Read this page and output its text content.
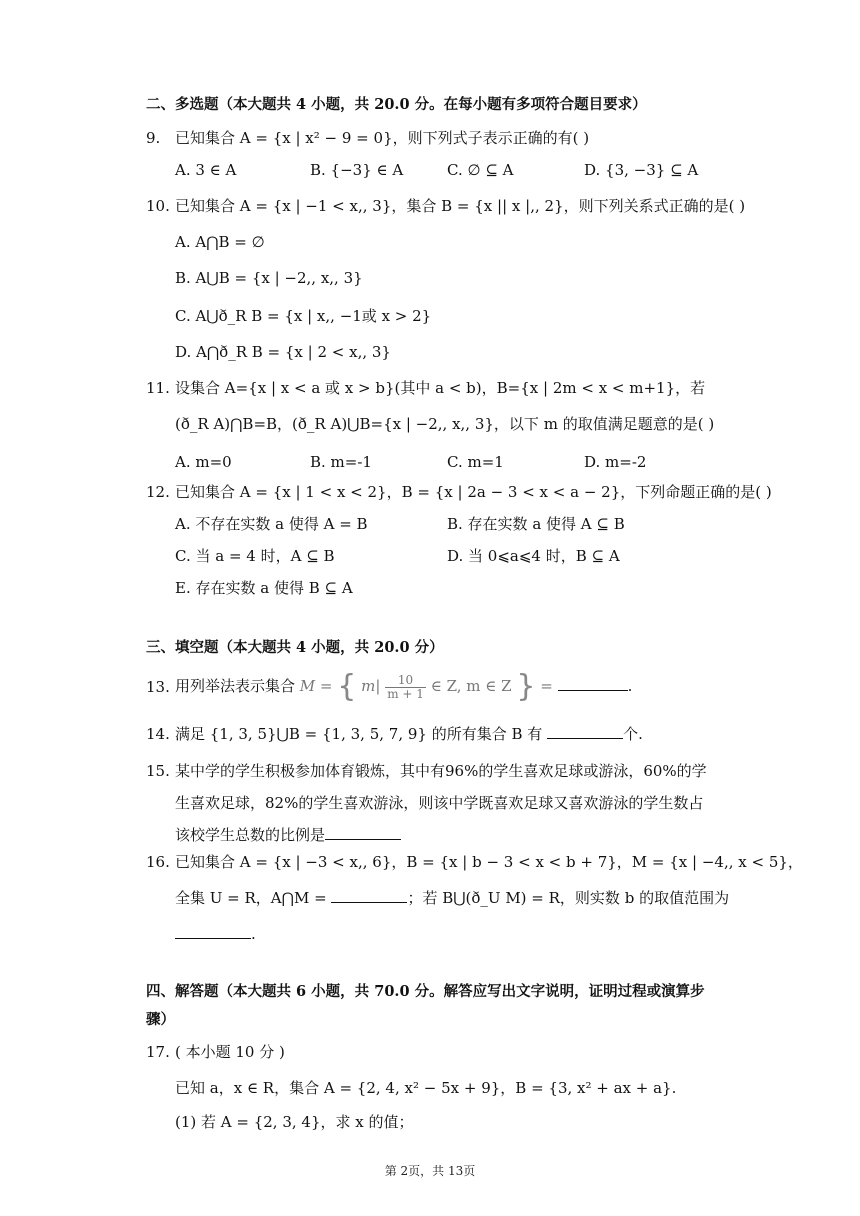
二、多选题（本大题共 4 小题，共 20.0 分。在每小题有多项符合题目要求）
9. 已知集合 A = {x | x² − 9 = 0}，则下列式子表示正确的有( )
A. 3 ∈ A	B. {−3} ∈ A	C. ∅ ⊆ A	D. {3, −3} ⊆ A
10. 已知集合 A = {x | −1 < x,, 3}，集合 B = {x || x |,, 2}，则下列关系式正确的是( )
A. A⋂B = ∅
B. A⋃B = {x | −2,, x,, 3}
C. A⋃ð_R B = {x | x,, −1或 x > 2}
D. A⋂ð_R B = {x | 2 < x,, 3}
11. 设集合 A={x | x < a 或 x > b}(其中 a < b)，B={x | 2m < x < m+1}，若
(ð_R A)⋂B=B，(ð_R A)⋃B={x | −2,, x,, 3}，以下 m 的取值满足题意的是( )
A. m=0	B. m=-1	C. m=1	D. m=-2
12. 已知集合 A = {x | 1 < x < 2}，B = {x | 2a − 3 < x < a − 2}，下列命题正确的是( )
A. 不存在实数 a 使得 A = B	B. 存在实数 a 使得 A ⊆ B
C. 当 a = 4 时，A ⊆ B	D. 当 0⩽a⩽4 时，B ⊆ A
E. 存在实数 a 使得 B ⊆ A
三、填空题（本大题共 4 小题，共 20.0 分）
13. 用列举法表示集合 M = { $m| \frac{10}{m + 1}$ ∈ Z, m ∈ Z } =	.
14. 满足 {1, 3, 5}⋃B = {1, 3, 5, 7, 9} 的所有集合 B 有	个.
15. 某中学的学生积极参加体育锻炼，其中有96%的学生喜欢足球或游泳，60%的学
生喜欢足球，82%的学生喜欢游泳，则该中学既喜欢足球又喜欢游泳的学生数占
该校学生总数的比例是
16. 已知集合 A = {x | −3 < x,, 6}，B = {x | b − 3 < x < b + 7}，M = {x | −4,, x < 5}，
全集 U = R，A⋂M =	；若 B⋃(ð_U M) = R，则实数 b 的取值范围为
.
四、解答题（本大题共 6 小题，共 70.0 分。解答应写出文字说明，证明过程或演算步
骤）
17. ( 本小题 10 分 )
已知 a，x ∈ R，集合 A = {2, 4, x² − 5x + 9}，B = {3, x² + ax + a}.
(1) 若 A = {2, 3, 4}，求 x 的值；
第 2页，共 13页
